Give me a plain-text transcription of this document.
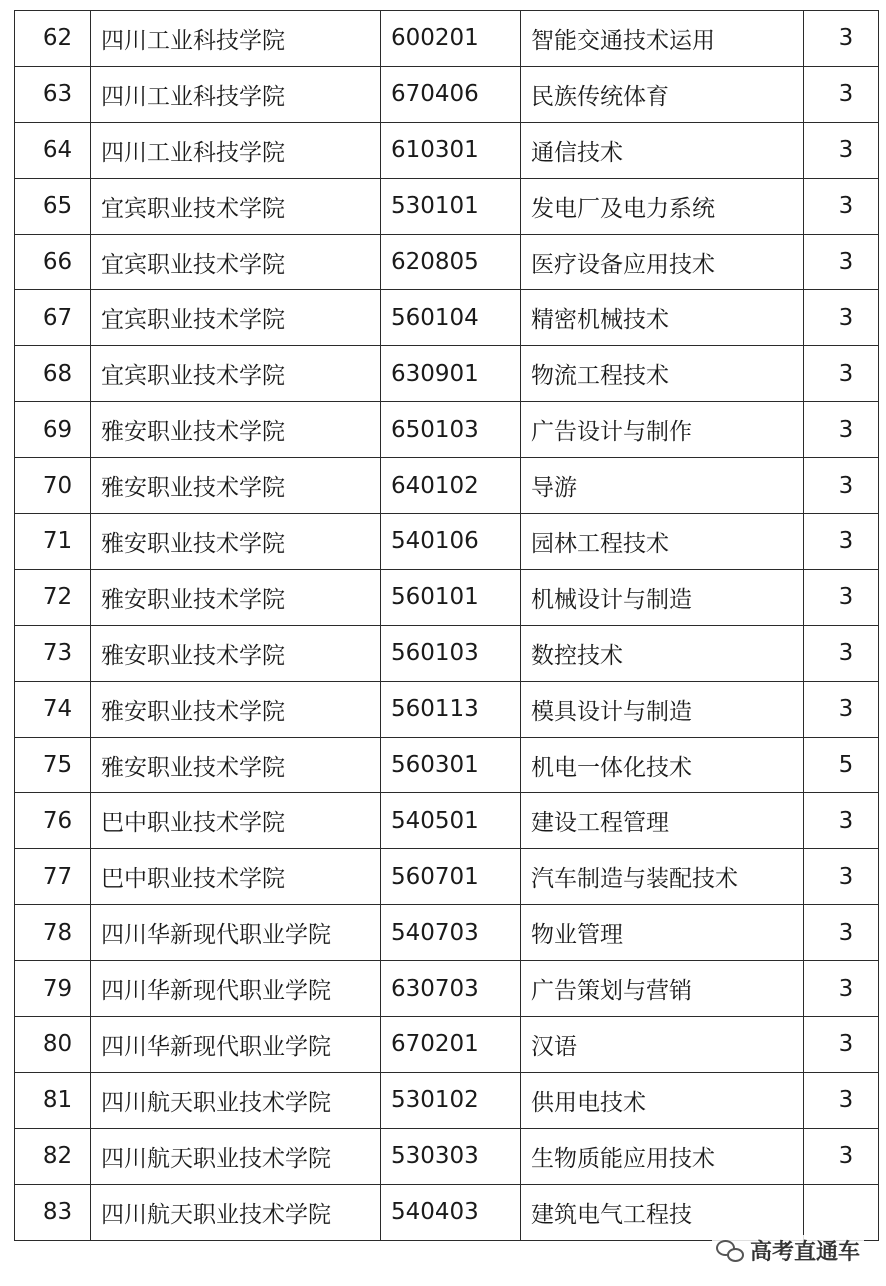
62	四川工业科技学院	600201	智能交通技术运用	3
63	四川工业科技学院	670406	民族传统体育	3
64	四川工业科技学院	610301	通信技术	3
65	宜宾职业技术学院	530101	发电厂及电力系统	3
66	宜宾职业技术学院	620805	医疗设备应用技术	3
67	宜宾职业技术学院	560104	精密机械技术	3
68	宜宾职业技术学院	630901	物流工程技术	3
69	雅安职业技术学院	650103	广告设计与制作	3
70	雅安职业技术学院	640102	导游	3
71	雅安职业技术学院	540106	园林工程技术	3
72	雅安职业技术学院	560101	机械设计与制造	3
73	雅安职业技术学院	560103	数控技术	3
74	雅安职业技术学院	560113	模具设计与制造	3
75	雅安职业技术学院	560301	机电一体化技术	5
76	巴中职业技术学院	540501	建设工程管理	3
77	巴中职业技术学院	560701	汽车制造与装配技术	3
78	四川华新现代职业学院	540703	物业管理	3
79	四川华新现代职业学院	630703	广告策划与营销	3
80	四川华新现代职业学院	670201	汉语	3
81	四川航天职业技术学院	530102	供用电技术	3
82	四川航天职业技术学院	530303	生物质能应用技术	3
83	四川航天职业技术学院	540403	建筑电气工程技	
高考直通车
